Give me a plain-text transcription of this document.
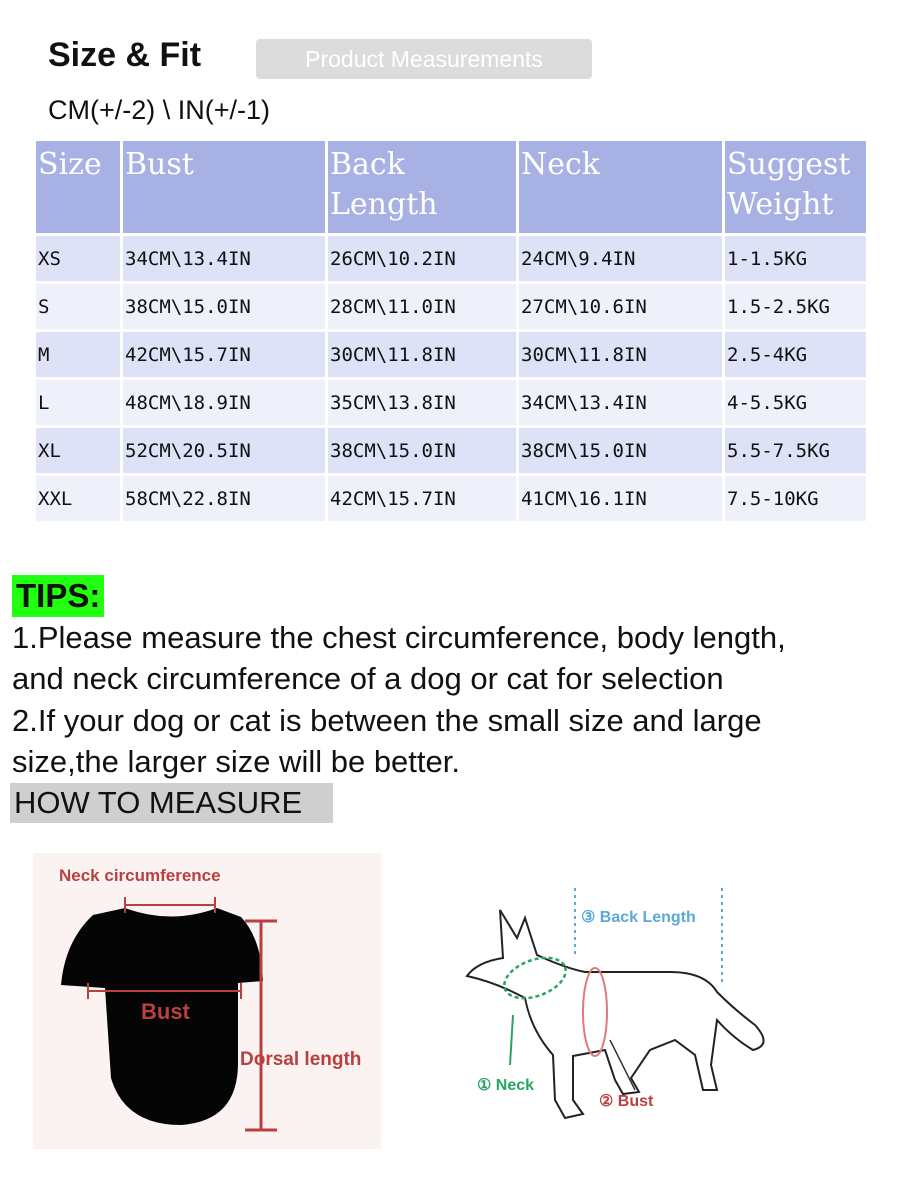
Size & Fit	Product Measurements
CM(+/-2) \ IN(+/-1)
Size	Bust	Back Length	Neck	Suggest Weight
XS	34CM\13.4IN	26CM\10.2IN	24CM\9.4IN	1-1.5KG
S	38CM\15.0IN	28CM\11.0IN	27CM\10.6IN	1.5-2.5KG
M	42CM\15.7IN	30CM\11.8IN	30CM\11.8IN	2.5-4KG
L	48CM\18.9IN	35CM\13.8IN	34CM\13.4IN	4-5.5KG
XL	52CM\20.5IN	38CM\15.0IN	38CM\15.0IN	5.5-7.5KG
XXL	58CM\22.8IN	42CM\15.7IN	41CM\16.1IN	7.5-10KG
TIPS:
1.Please measure the chest circumference, body length,
and neck circumference of a dog or cat for selection
2.If your dog or cat is between the small size and large
size,the larger size will be better.
HOW TO MEASURE
Neck circumference
Bust
Dorsal length
③ Back Length
① Neck
② Bust
